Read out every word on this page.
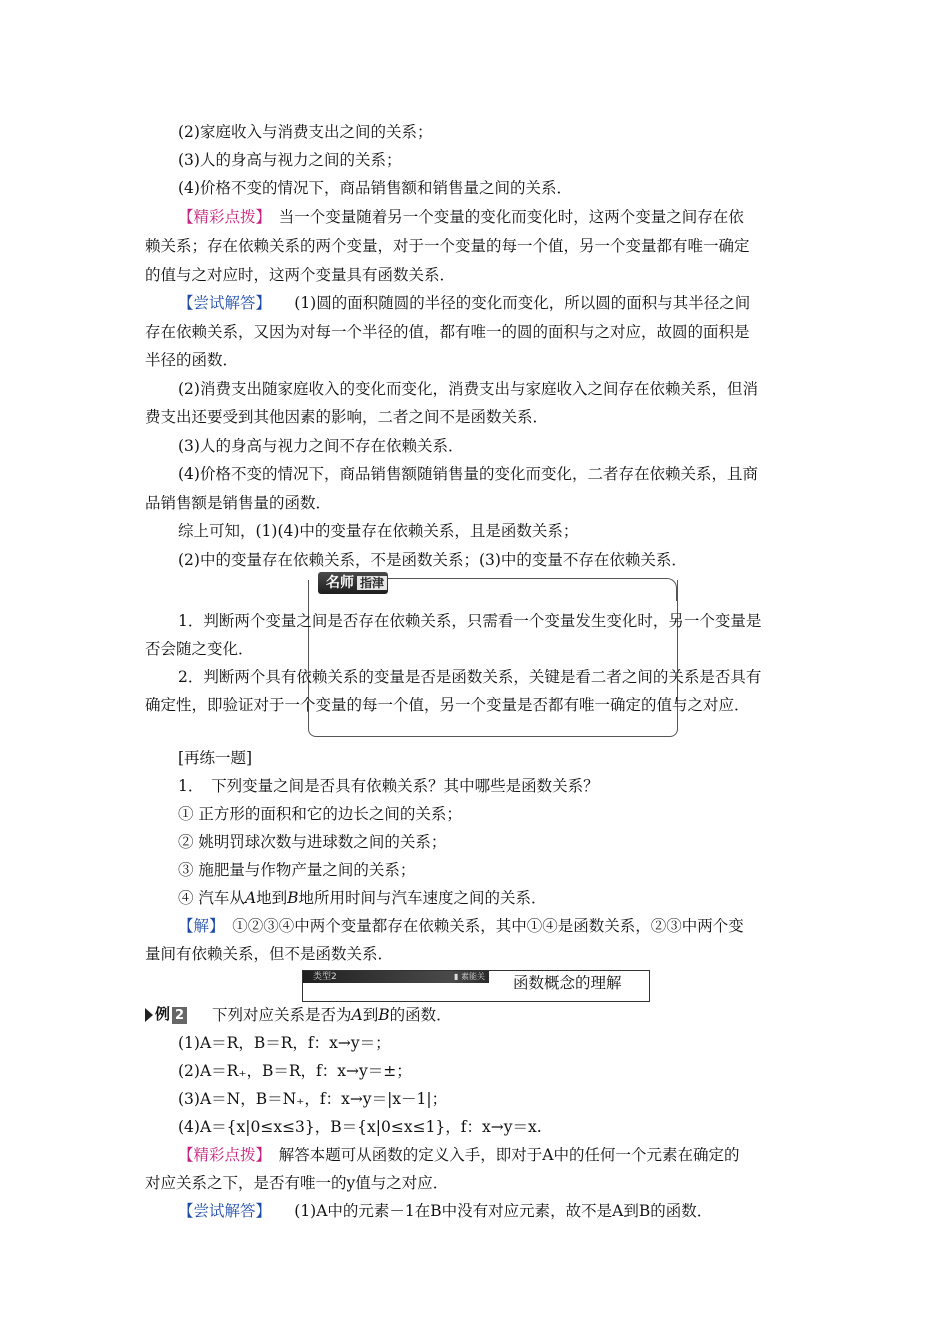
(2)家庭收入与消费支出之间的关系；
(3)人的身高与视力之间的关系；
(4)价格不变的情况下，商品销售额和销售量之间的关系．
【精彩点拨】　当一个变量随着另一个变量的变化而变化时，这两个变量之间存在依
赖关系；存在依赖关系的两个变量，对于一个变量的每一个值，另一个变量都有唯一确定
的值与之对应时，这两个变量具有函数关系．
【尝试解答】　　(1)圆的面积随圆的半径的变化而变化，所以圆的面积与其半径之间
存在依赖关系，又因为对每一个半径的值，都有唯一的圆的面积与之对应，故圆的面积是
半径的函数．
(2)消费支出随家庭收入的变化而变化，消费支出与家庭收入之间存在依赖关系，但消
费支出还要受到其他因素的影响，二者之间不是函数关系．
(3)人的身高与视力之间不存在依赖关系．
(4)价格不变的情况下，商品销售额随销售量的变化而变化，二者存在依赖关系，且商
品销售额是销售量的函数．
综上可知，(1)(4)中的变量存在依赖关系，且是函数关系；
(2)中的变量存在依赖关系，不是函数关系；(3)中的变量不存在依赖关系．
名师 指津
1．判断两个变量之间是否存在依赖关系，只需看一个变量发生变化时，另一个变量是
否会随之变化．
2．判断两个具有依赖关系的变量是否是函数关系，关键是看二者之间的关系是否具有
确定性，即验证对于一个变量的每一个值，另一个变量是否都有唯一确定的值与之对应．
[再练一题]
1．　下列变量之间是否具有依赖关系？其中哪些是函数关系？
① 正方形的面积和它的边长之间的关系；
② 姚明罚球次数与进球数之间的关系；
③ 施肥量与作物产量之间的关系；
④ 汽车从A地到B地所用时间与汽车速度之间的关系．
【解】　①②③④中两个变量都存在依赖关系，其中①④是函数关系，②③中两个变
量间有依赖关系，但不是函数关系．
类型2	▮ 素能关 函数概念的理解
例 2	下列对应关系是否为A到B的函数．
(1)A＝R，B＝R，f：x→y＝；
(2)A＝R₊，B＝R，f：x→y＝±；
(3)A＝N，B＝N₊，f：x→y＝|x－1|；
(4)A＝{x|0≤x≤3}，B＝{x|0≤x≤1}，f：x→y＝x.
【精彩点拨】　解答本题可从函数的定义入手，即对于A中的任何一个元素在确定的
对应关系之下，是否有唯一的y值与之对应．
【尝试解答】　　(1)A中的元素－1在B中没有对应元素，故不是A到B的函数．
